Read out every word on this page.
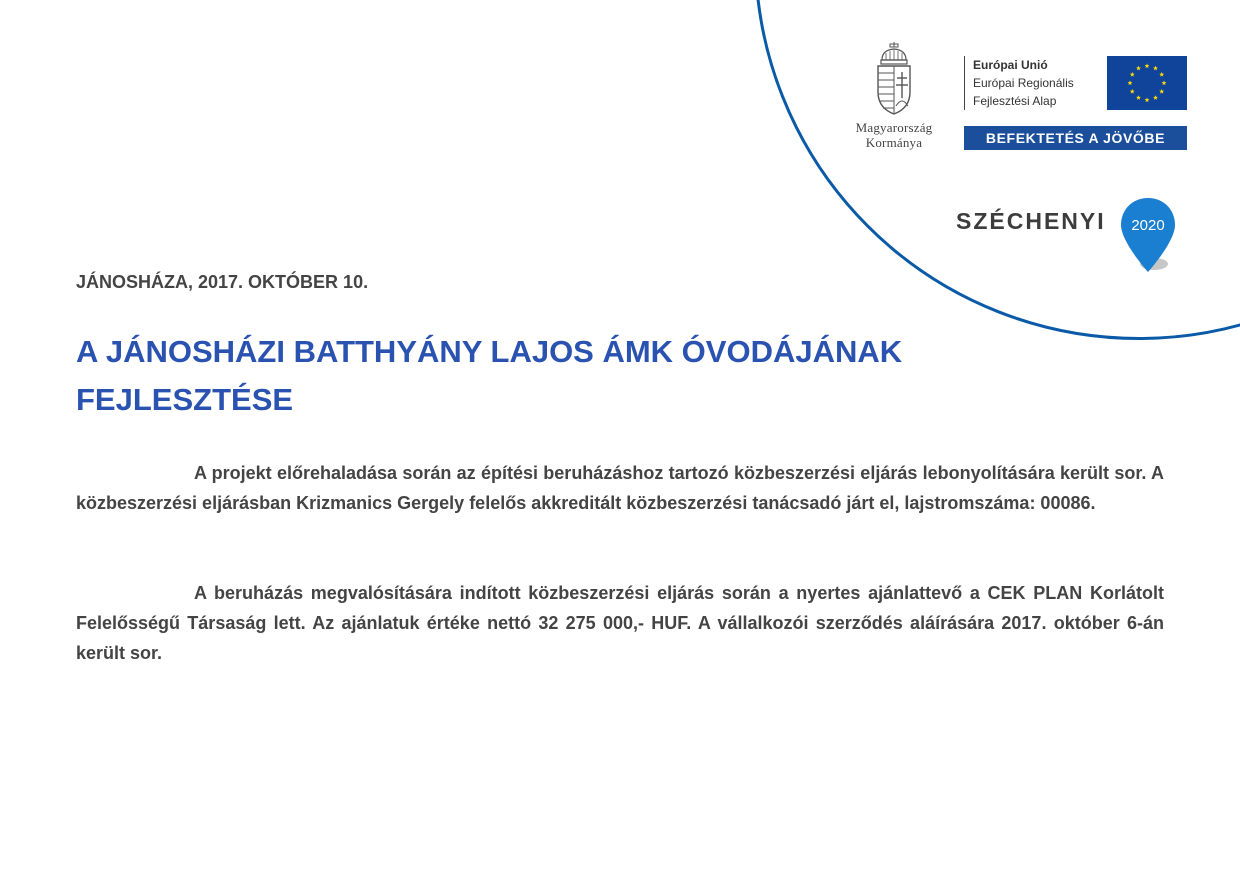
Magyarország
Kormánya
Európai Unió
Európai Regionális
Fejlesztési Alap
BEFEKTETÉS A JÖVŐBE
SZÉCHENYI 2020
JÁNOSHÁZA, 2017. OKTÓBER 10.
A JÁNOSHÁZI BATTHYÁNY LAJOS ÁMK ÓVODÁJÁNAK FEJLESZTÉSE

A projekt előrehaladása során az építési beruházáshoz tartozó közbeszerzési eljárás lebonyolítására került sor. A közbeszerzési eljárásban Krizmanics Gergely felelős akkreditált közbeszerzési tanácsadó járt el, lajstromszáma: 00086.

A beruházás megvalósítására indított közbeszerzési eljárás során a nyertes ajánlattevő a CEK PLAN Korlátolt Felelősségű Társaság lett. Az ajánlatuk értéke nettó 32 275 000,- HUF. A vállalkozói szerződés aláírására 2017. október 6-án került sor.
